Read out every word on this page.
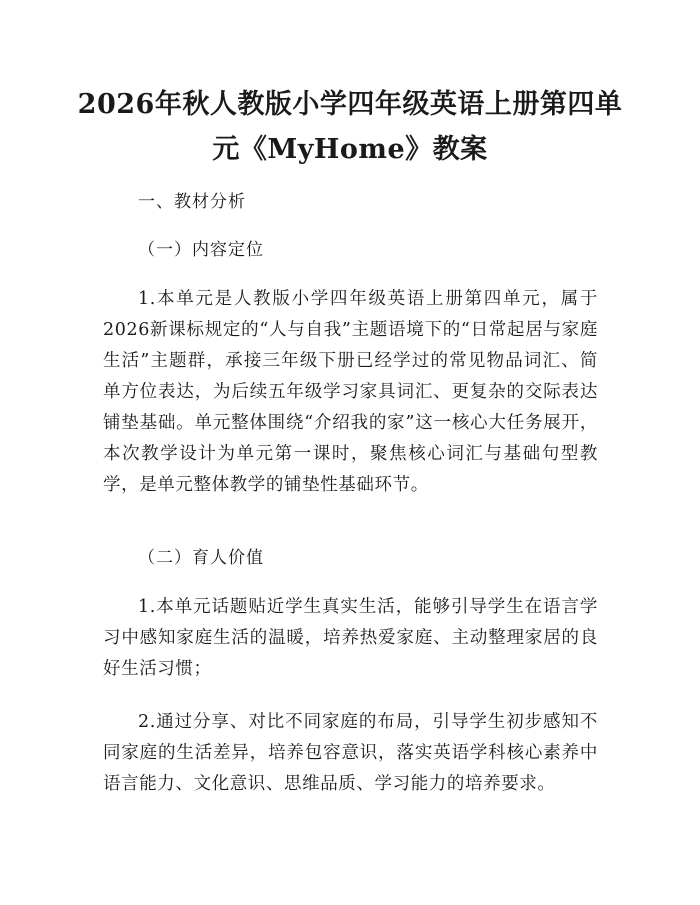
2026年秋人教版小学四年级英语上册第四单
元《MyHome》教案
一、教材分析
（一）内容定位
1.本单元是人教版小学四年级英语上册第四单元，属于2026新课标规定的“人与自我”主题语境下的“日常起居与家庭生活”主题群，承接三年级下册已经学过的常见物品词汇、简单方位表达，为后续五年级学习家具词汇、更复杂的交际表达铺垫基础。单元整体围绕“介绍我的家”这一核心大任务展开，本次教学设计为单元第一课时，聚焦核心词汇与基础句型教学，是单元整体教学的铺垫性基础环节。
（二）育人价值
1.本单元话题贴近学生真实生活，能够引导学生在语言学习中感知家庭生活的温暖，培养热爱家庭、主动整理家居的良好生活习惯；
2.通过分享、对比不同家庭的布局，引导学生初步感知不同家庭的生活差异，培养包容意识，落实英语学科核心素养中语言能力、文化意识、思维品质、学习能力的培养要求。
